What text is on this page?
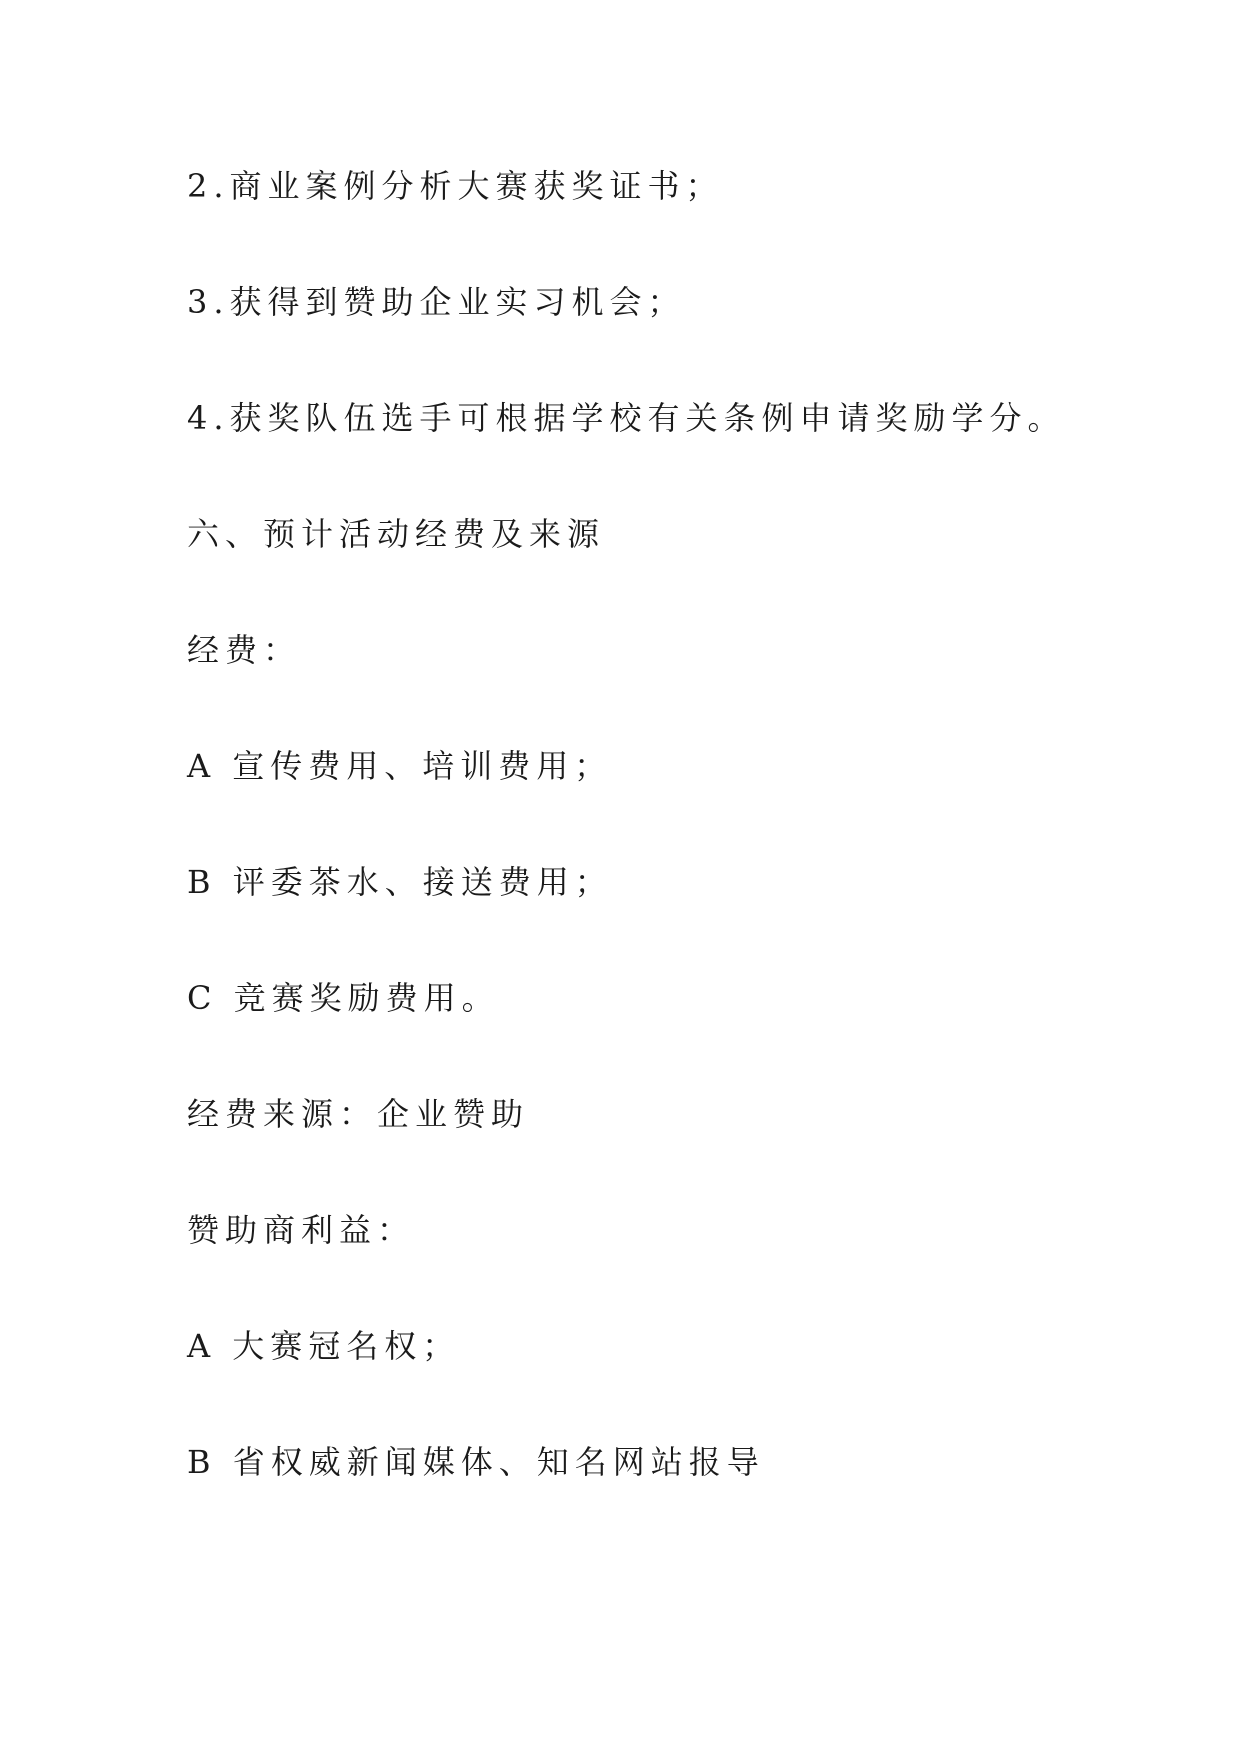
2.商业案例分析大赛获奖证书；

3.获得到赞助企业实习机会；

4.获奖队伍选手可根据学校有关条例申请奖励学分。

六、预计活动经费及来源

经费：

A 宣传费用、培训费用；

B 评委茶水、接送费用；

C 竞赛奖励费用。

经费来源：企业赞助

赞助商利益：

A 大赛冠名权；

B 省权威新闻媒体、知名网站报导
